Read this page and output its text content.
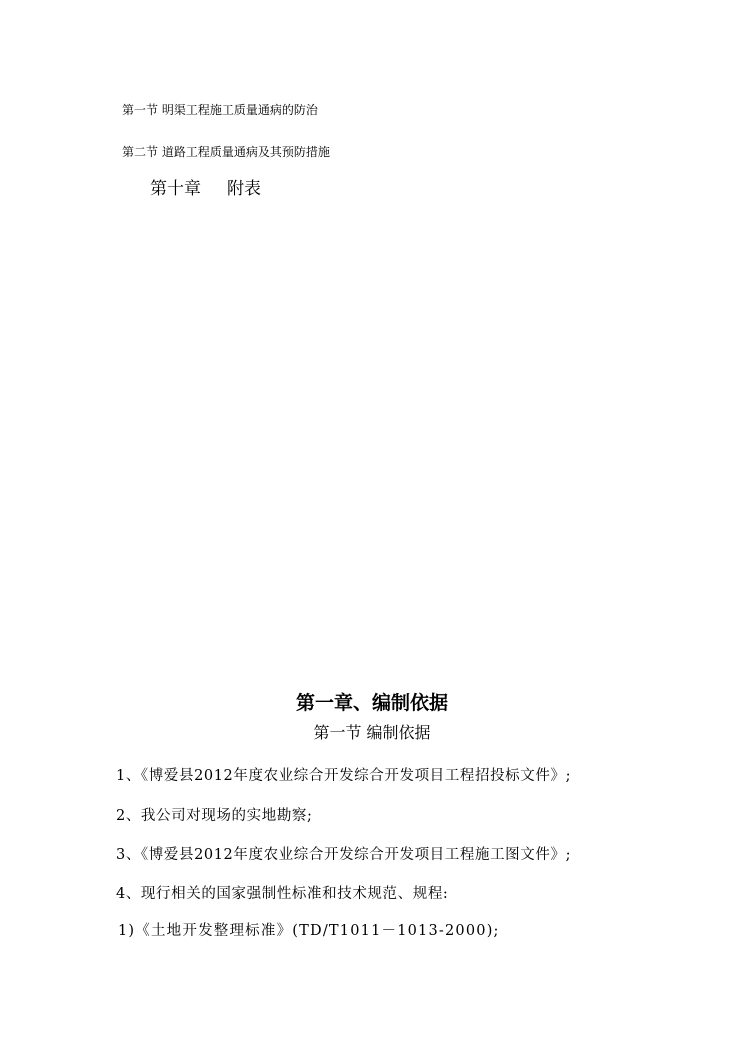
第一节 明渠工程施工质量通病的防治
第二节 道路工程质量通病及其预防措施
第十章 附表
第一章、编制依据
第一节 编制依据
1、《博爱县2012年度农业综合开发综合开发项目工程招投标文件》;
2、我公司对现场的实地勘察;
3、《博爱县2012年度农业综合开发综合开发项目工程施工图文件》;
4、现行相关的国家强制性标准和技术规范、规程:
1)《土地开发整理标准》(TD/T1011－1013-2000);
